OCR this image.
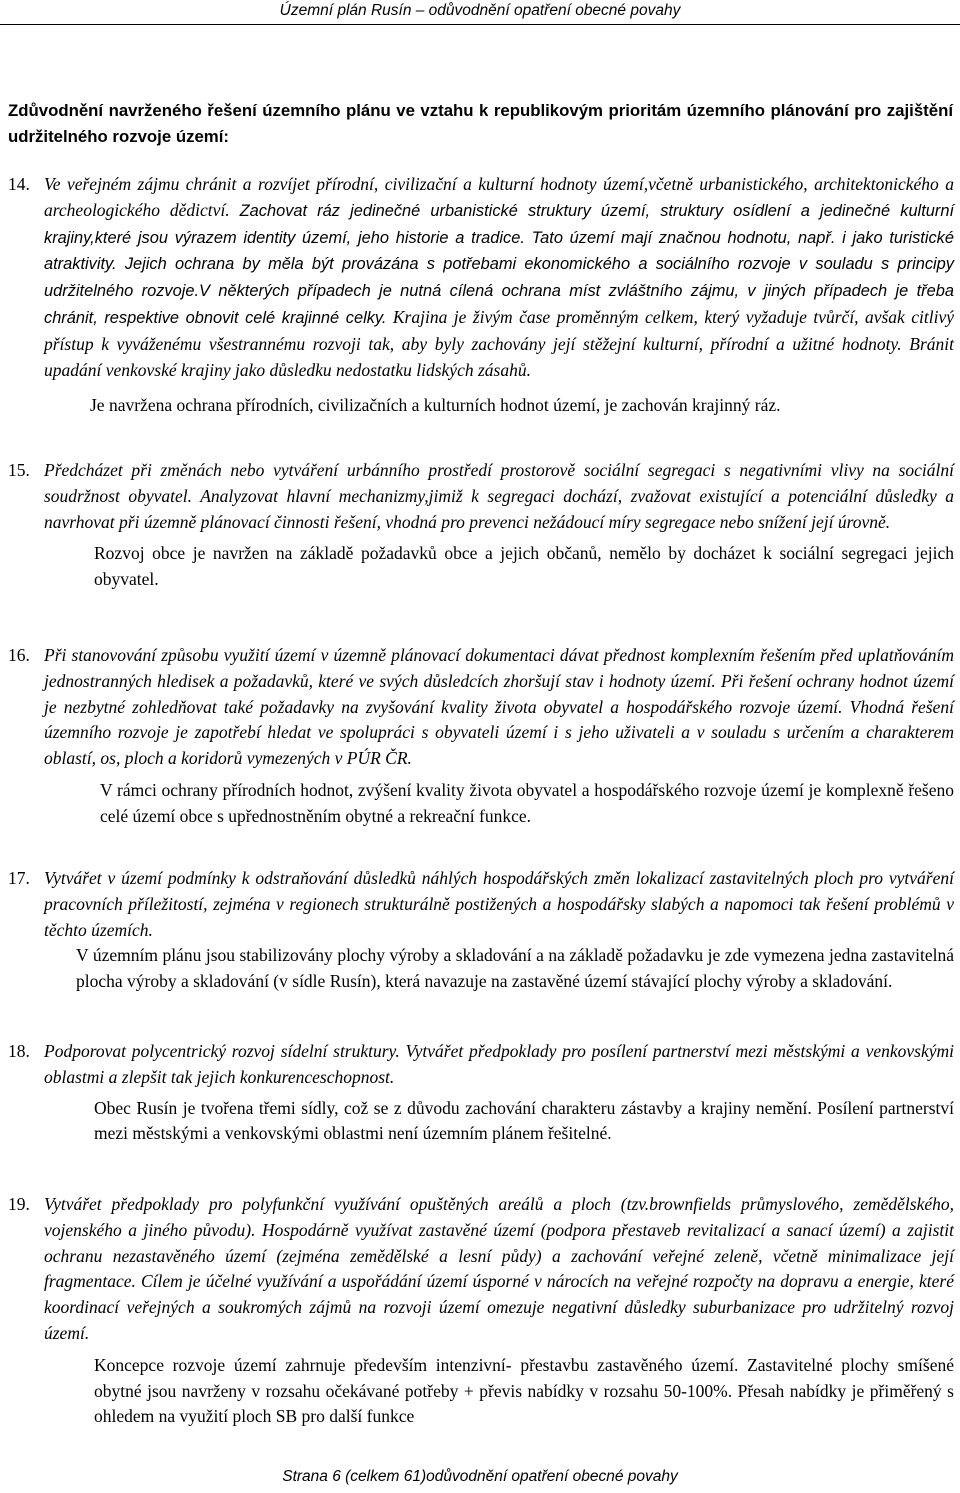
Územní plán Rusín – odůvodnění opatření obecné povahy
Zdůvodnění navrženého řešení územního plánu ve vztahu k republikovým prioritám územního plánování pro zajištění udržitelného rozvoje území:
14. Ve veřejném zájmu chránit a rozvíjet přírodní, civilizační a kulturní hodnoty území,včetně urbanistického, architektonického a archeologického dědictví. Zachovat ráz jedinečné urbanistické struktury území, struktury osídlení a jedinečné kulturní krajiny,které jsou výrazem identity území, jeho historie a tradice. Tato území mají značnou hodnotu, např. i jako turistické atraktivity. Jejich ochrana by měla být provázána s potřebami ekonomického a sociálního rozvoje v souladu s principy udržitelného rozvoje.V některých případech je nutná cílená ochrana míst zvláštního zájmu, v jiných případech je třeba chránit, respektive obnovit celé krajinné celky. Krajina je živým čase proměnným celkem, který vyžaduje tvůrčí, avšak citlivý přístup k vyváženému všestrannému rozvoji tak, aby byly zachovány její stěžejní kulturní, přírodní a užitné hodnoty. Bránit upadání venkovské krajiny jako důsledku nedostatku lidských zásahů.
Je navržena ochrana přírodních, civilizačních a kulturních hodnot území, je zachován krajinný ráz.
15. Předcházet při změnách nebo vytváření urbánního prostředí prostorově sociální segregaci s negativními vlivy na sociální soudržnost obyvatel. Analyzovat hlavní mechanizmy,jimiž k segregaci dochází, zvažovat existující a potenciální důsledky a navrhovat při územně plánovací činnosti řešení, vhodná pro prevenci nežádoucí míry segregace nebo snížení její úrovně.
Rozvoj obce je navržen na základě požadavků obce a jejich občanů, nemělo by docházet k sociální segregaci jejich obyvatel.
16. Při stanovování způsobu využití území v územně plánovací dokumentaci dávat přednost komplexním řešením před uplatňováním jednostranných hledisek a požadavků, které ve svých důsledcích zhoršují stav i hodnoty území. Při řešení ochrany hodnot území je nezbytné zohledňovat také požadavky na zvyšování kvality života obyvatel a hospodářského rozvoje území. Vhodná řešení územního rozvoje je zapotřebí hledat ve spolupráci s obyvateli území i s jeho uživateli a v souladu s určením a charakterem oblastí, os, ploch a koridorů vymezených v PÚR ČR.
V rámci ochrany přírodních hodnot, zvýšení kvality života obyvatel a hospodářského rozvoje území je komplexně řešeno celé území obce s upřednostněním obytné a rekreační funkce.
17. Vytvářet v území podmínky k odstraňování důsledků náhlých hospodářských změn lokalizací zastavitelných ploch pro vytváření pracovních příležitostí, zejména v regionech strukturálně postižených a hospodářsky slabých a napomoci tak řešení problémů v těchto územích.
V územním plánu jsou stabilizovány plochy výroby a skladování a na základě požadavku je zde vymezena jedna zastavitelná plocha výroby a skladování (v sídle Rusín), která navazuje na zastavěné území stávající plochy výroby a skladování.
18. Podporovat polycentrický rozvoj sídelní struktury. Vytvářet předpoklady pro posílení partnerství mezi městskými a venkovskými oblastmi a zlepšit tak jejich konkurenceschopnost.
Obec Rusín je tvořena třemi sídly, což se z důvodu zachování charakteru zástavby a krajiny nemění. Posílení partnerství mezi městskými a venkovskými oblastmi není územním plánem řešitelné.
19. Vytvářet předpoklady pro polyfunkční využívání opuštěných areálů a ploch (tzv.brownfields průmyslového, zemědělského, vojenského a jiného původu). Hospodárně využívat zastavěné území (podpora přestaveb revitalizací a sanací území) a zajistit ochranu nezastavěného území (zejména zemědělské a lesní půdy) a zachování veřejné zeleně, včetně minimalizace její fragmentace. Cílem je účelné využívání a uspořádání území úsporné v nárocích na veřejné rozpočty na dopravu a energie, které koordinací veřejných a soukromých zájmů na rozvoji území omezuje negativní důsledky suburbanizace pro udržitelný rozvoj území.
Koncepce rozvoje území zahrnuje především intenzivní- přestavbu zastavěného území. Zastavitelné plochy smíšené obytné jsou navrženy v rozsahu očekávané potřeby + převis nabídky v rozsahu 50-100%. Přesah nabídky je přiměřený s ohledem na využití ploch SB pro další funkce
Strana 6 (celkem 61)odůvodnění opatření obecné povahy
